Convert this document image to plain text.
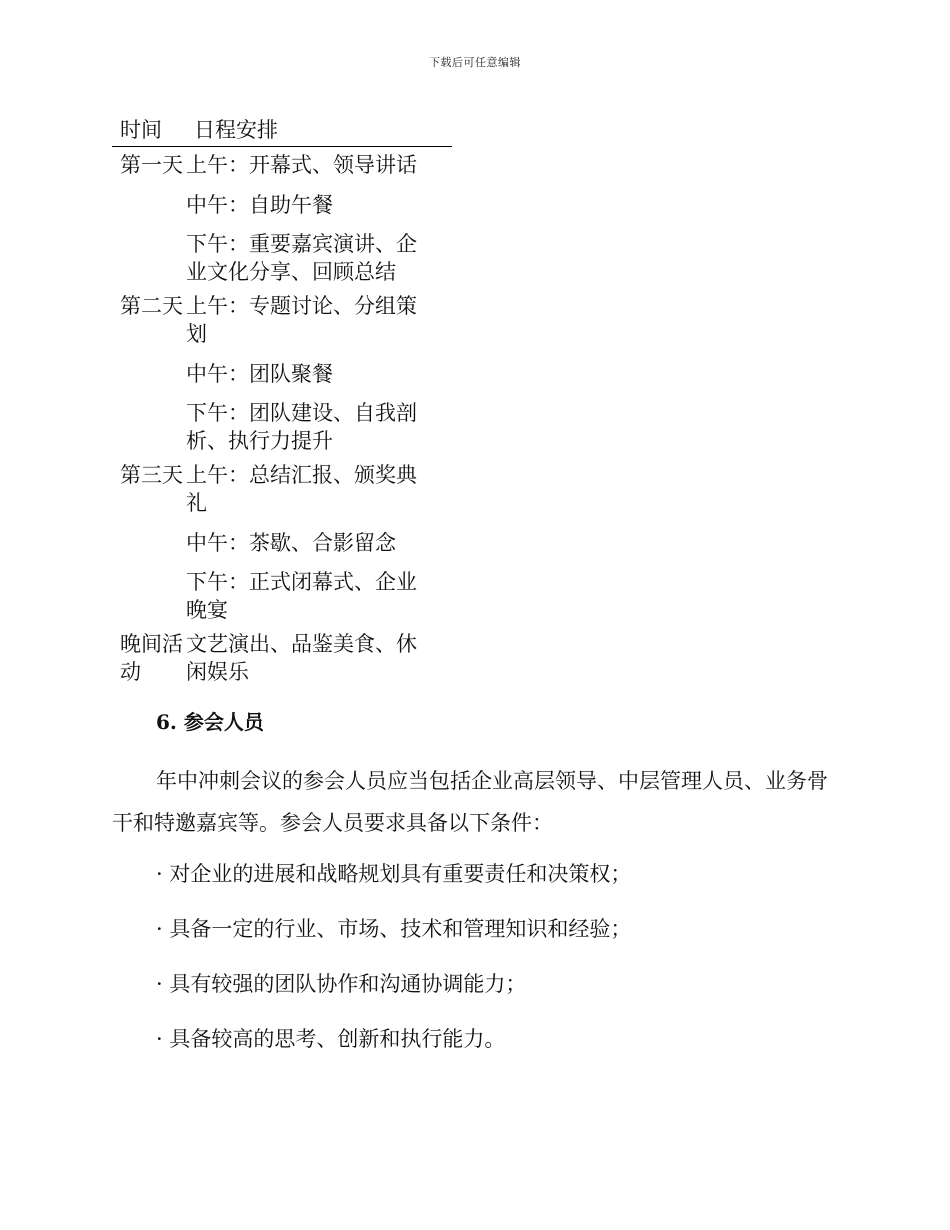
下载后可任意编辑
时间	日程安排
第一天	上午：开幕式、领导讲话
	中午：自助午餐
	下午：重要嘉宾演讲、企业文化分享、回顾总结
第二天	上午：专题讨论、分组策划
	中午：团队聚餐
	下午：团队建设、自我剖析、执行力提升
第三天	上午：总结汇报、颁奖典礼
	中午：茶歇、合影留念
	下午：正式闭幕式、企业晚宴
晚间活动	文艺演出、品鉴美食、休闲娱乐
6. 参会人员
年中冲刺会议的参会人员应当包括企业高层领导、中层管理人员、业务骨干和特邀嘉宾等。参会人员要求具备以下条件：
· 对企业的进展和战略规划具有重要责任和决策权；
· 具备一定的行业、市场、技术和管理知识和经验；
· 具有较强的团队协作和沟通协调能力；
· 具备较高的思考、创新和执行能力。
